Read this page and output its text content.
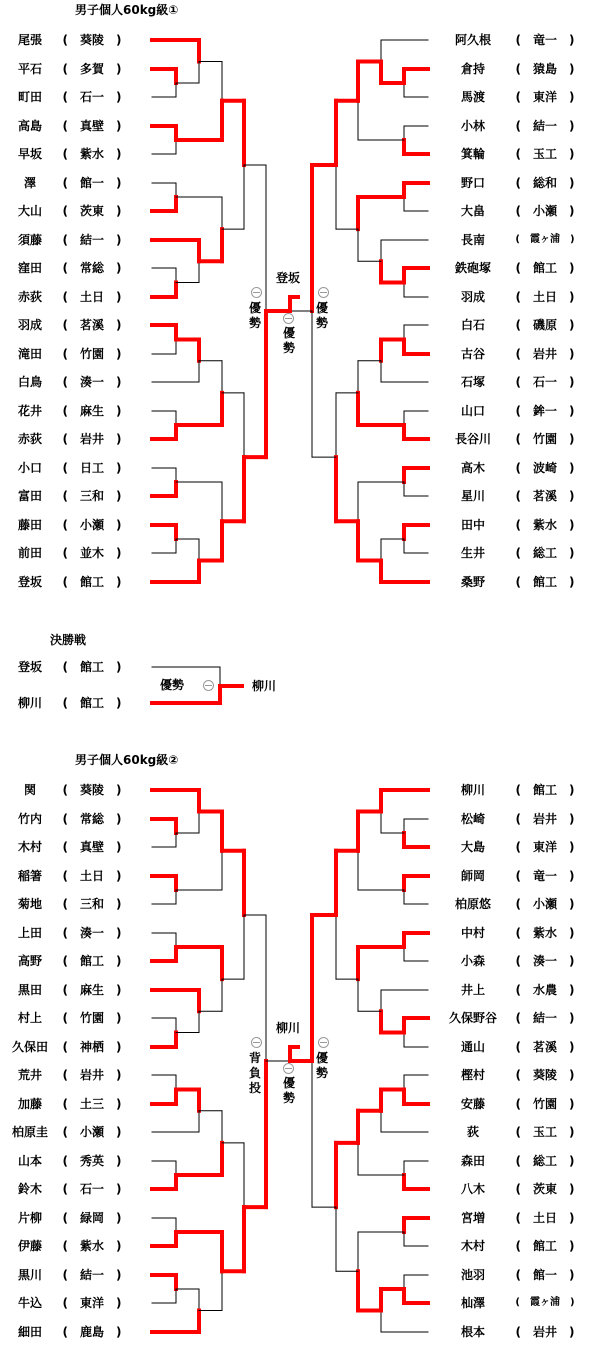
男子個人60kg級①
尾張	(　葵陵　)
平石	(　多賀　)
町田	(　石一　)
高島	(　真壁　)
早坂	(　紫水　)
澤	(　館一　)
大山	(　茨東　)
須藤	(　結一　)
窪田	(　常総　)
赤荻	(　土日　)
羽成	(　茗溪　)
滝田	(　竹園　)
白鳥	(　湊一　)
花井	(　麻生　)
赤荻	(　岩井　)
小口	(　日工　)
富田	(　三和　)
藤田	(　小瀬　)
前田	(　並木　)
登坂	(　館工　)
阿久根	(　竜一　)
倉持	(　猿島　)
馬渡	(　東洋　)
小林	(　結一　)
箕輪	(　玉工　)
野口	(　総和　)
大畠	(　小瀬　)
長南	(　霞ヶ浦　)
鉄砲塚	(　館工　)
羽成	(　土日　)
白石	(　磯原　)
古谷	(　岩井　)
石塚	(　石一　)
山口	(　鉾一　)
長谷川	(　竹園　)
高木	(　波崎　)
星川	(　茗溪　)
田中	(　紫水　)
生井	(　総工　)
桑野	(　館工　)
決勝戦
登坂	(　館工　)
柳川	(　館工　)
優勢	柳川
男子個人60kg級②
関	(　葵陵　)
竹内	(　常総　)
木村	(　真壁　)
稲箸	(　土日　)
菊地	(　三和　)
上田	(　湊一　)
高野	(　館工　)
黒田	(　麻生　)
村上	(　竹園　)
久保田	(　神栖　)
荒井	(　岩井　)
加藤	(　土三　)
柏原圭	(　小瀬　)
山本	(　秀英　)
鈴木	(　石一　)
片柳	(　緑岡　)
伊藤	(　紫水　)
黒川	(　結一　)
牛込	(　東洋　)
細田	(　鹿島　)
柳川	(　館工　)
松崎	(　岩井　)
大島	(　東洋　)
師岡	(　竜一　)
柏原悠	(　小瀬　)
中村	(　紫水　)
小森	(　湊一　)
井上	(　水農　)
久保野谷 (　結一　)
通山	(　茗溪　)
樫村	(　葵陵　)
安藤	(　竹園　)
荻	(　玉工　)
森田	(　総工　)
八木	(　茨東　)
宮増	(　土日　)
木村	(　館工　)
池羽	(　館一　)
杣澤	(　霞ヶ浦　)
根本	(　岩井　)
登坂
優勢
優勢
優勢
柳川
背負投
優勢
優勢
